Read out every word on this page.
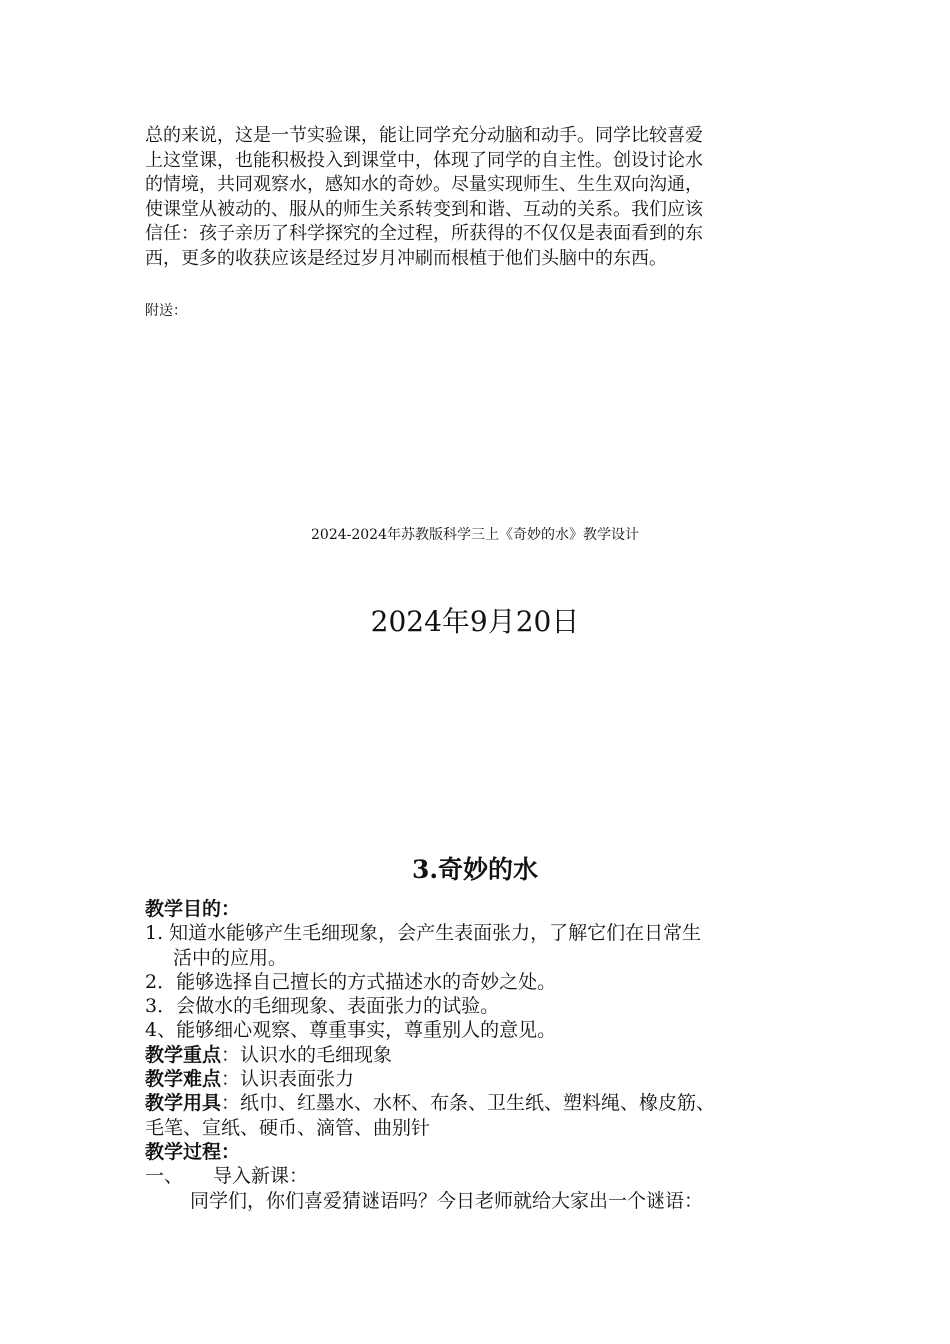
总的来说，这是一节实验课，能让同学充分动脑和动手。同学比较喜爱
上这堂课，也能积极投入到课堂中，体现了同学的自主性。创设讨论水
的情境，共同观察水，感知水的奇妙。尽量实现师生、生生双向沟通，
使课堂从被动的、服从的师生关系转变到和谐、互动的关系。我们应该
信任：孩子亲历了科学探究的全过程，所获得的不仅仅是表面看到的东
西，更多的收获应该是经过岁月冲刷而根植于他们头脑中的东西。

附送：

2024-2024年苏教版科学三上《奇妙的水》教学设计

2024年9月20日

3.奇妙的水
教学目的：
1. 知道水能够产生毛细现象，会产生表面张力，了解它们在日常生
活中的应用。
2．能够选择自己擅长的方式描述水的奇妙之处。
3．会做水的毛细现象、表面张力的试验。
4、能够细心观察、尊重事实，尊重别人的意见。
教学重点：认识水的毛细现象
教学难点：认识表面张力
教学用具：纸巾、红墨水、水杯、布条、卫生纸、塑料绳、橡皮筋、
毛笔、宣纸、硬币、滴管、曲别针
教学过程：
一、 导入新课：
同学们，你们喜爱猜谜语吗？今日老师就给大家出一个谜语：
